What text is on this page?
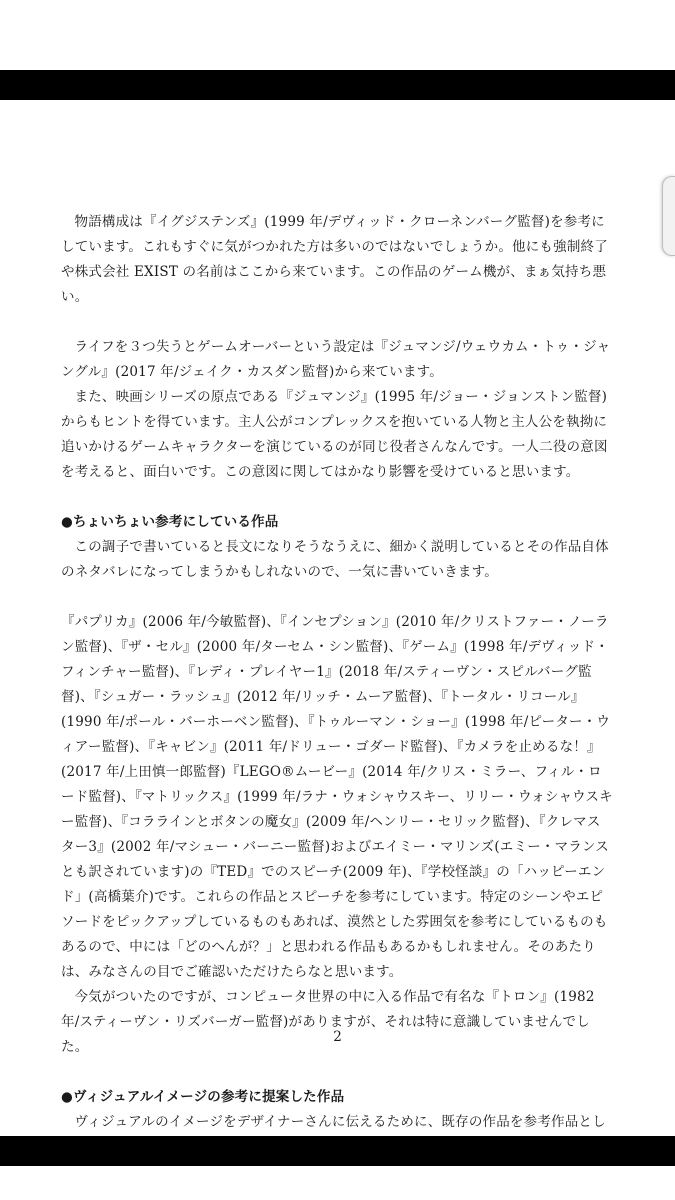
物語構成は『イグジステンズ』(1999 年/デヴィッド・クローネンバーグ監督)を参考にしています。これもすぐに気がつかれた方は多いのではないでしょうか。他にも強制終了や株式会社 EXIST の名前はここから来ています。この作品のゲーム機が、まぁ気持ち悪い。

ライフを３つ失うとゲームオーバーという設定は『ジュマンジ/ウェウカム・トゥ・ジャングル』(2017 年/ジェイク・カスダン監督)から来ています。

また、映画シリーズの原点である『ジュマンジ』(1995 年/ジョー・ジョンストン監督)からもヒントを得ています。主人公がコンプレックスを抱いている人物と主人公を執拗に追いかけるゲームキャラクターを演じているのが同じ役者さんなんです。一人二役の意図を考えると、面白いです。この意図に関してはかなり影響を受けていると思います。

●ちょいちょい参考にしている作品

この調子で書いていると長文になりそうなうえに、細かく説明しているとその作品自体のネタバレになってしまうかもしれないので、一気に書いていきます。

『パプリカ』(2006 年/今敏監督)、『インセプション』(2010 年/クリストファー・ノーラン監督)、『ザ・セル』(2000 年/ターセム・シン監督)、『ゲーム』(1998 年/デヴィッド・フィンチャー監督)、『レディ・プレイヤー1』(2018 年/スティーヴン・スピルバーグ監督)、『シュガー・ラッシュ』(2012 年/リッチ・ムーア監督)、『トータル・リコール』(1990 年/ポール・バーホーベン監督)、『トゥルーマン・ショー』(1998 年/ピーター・ウィアー監督)、『キャビン』(2011 年/ドリュー・ゴダード監督)、『カメラを止めるな！』(2017 年/上田慎一郎監督)『LEGO®ムービー』(2014 年/クリス・ミラー、フィル・ロード監督)、『マトリックス』(1999 年/ラナ・ウォシャウスキー、リリー・ウォシャウスキー監督)、『コララインとボタンの魔女』(2009 年/ヘンリー・セリック監督)、『クレマスター3』(2002 年/マシュー・バーニー監督)およびエイミー・マリンズ(エミー・マランスとも訳されています)の『TED』でのスピーチ(2009 年)、『学校怪談』の「ハッピーエンド」(高橋葉介)です。これらの作品とスピーチを参考にしています。特定のシーンやエピソードをピックアップしているものもあれば、漠然とした雰囲気を参考にしているものもあるので、中には「どのへんが？」と思われる作品もあるかもしれません。そのあたりは、みなさんの目でご確認いただけたらなと思います。

今気がついたのですが、コンピュータ世界の中に入る作品で有名な『トロン』(1982 年/スティーヴン・リズバーガー監督)がありますが、それは特に意識していませんでした。

●ヴィジュアルイメージの参考に提案した作品

ヴィジュアルのイメージをデザイナーさんに伝えるために、既存の作品を参考作品とし

2
